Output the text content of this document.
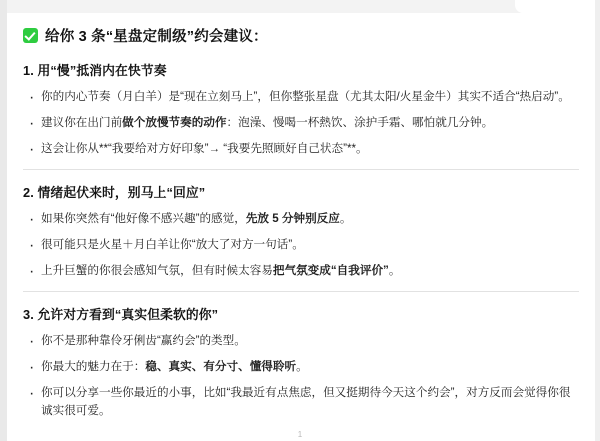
给你 3 条“星盘定制级”约会建议：
1. 用“慢”抵消内在快节奏
· 你的内心节奏（月白羊）是“现在立刻马上”，但你整张星盘（尤其太阳/火星金牛）其实不适合“热启动”。
· 建议你在出门前做个放慢节奏的动作：泡澡、慢喝一杯熱饮、涂护手霜、哪怕就几分钟。
· 这会让你从**“我要给对方好印象”→ “我要先照顾好自己状态”**。
2. 情绪起伏来时，别马上“回应”
· 如果你突然有“他好像不感兴趣”的感觉，先放 5 分钟别反应。
· 很可能只是火星＋月白羊让你“放大了对方一句话”。
· 上升巨蟹的你很会感知气氛，但有时候太容易把气氛变成“自我评价”。
3. 允许对方看到“真实但柔软的你”
· 你不是那种靠伶牙俐齿“赢约会”的类型。
· 你最大的魅力在于：稳、真实、有分寸、懂得聆听。
· 你可以分享一些你最近的小事，比如“我最近有点焦虑，但又挺期待今天这个约会”，对方反而会觉得你很诚实很可爱。
1
